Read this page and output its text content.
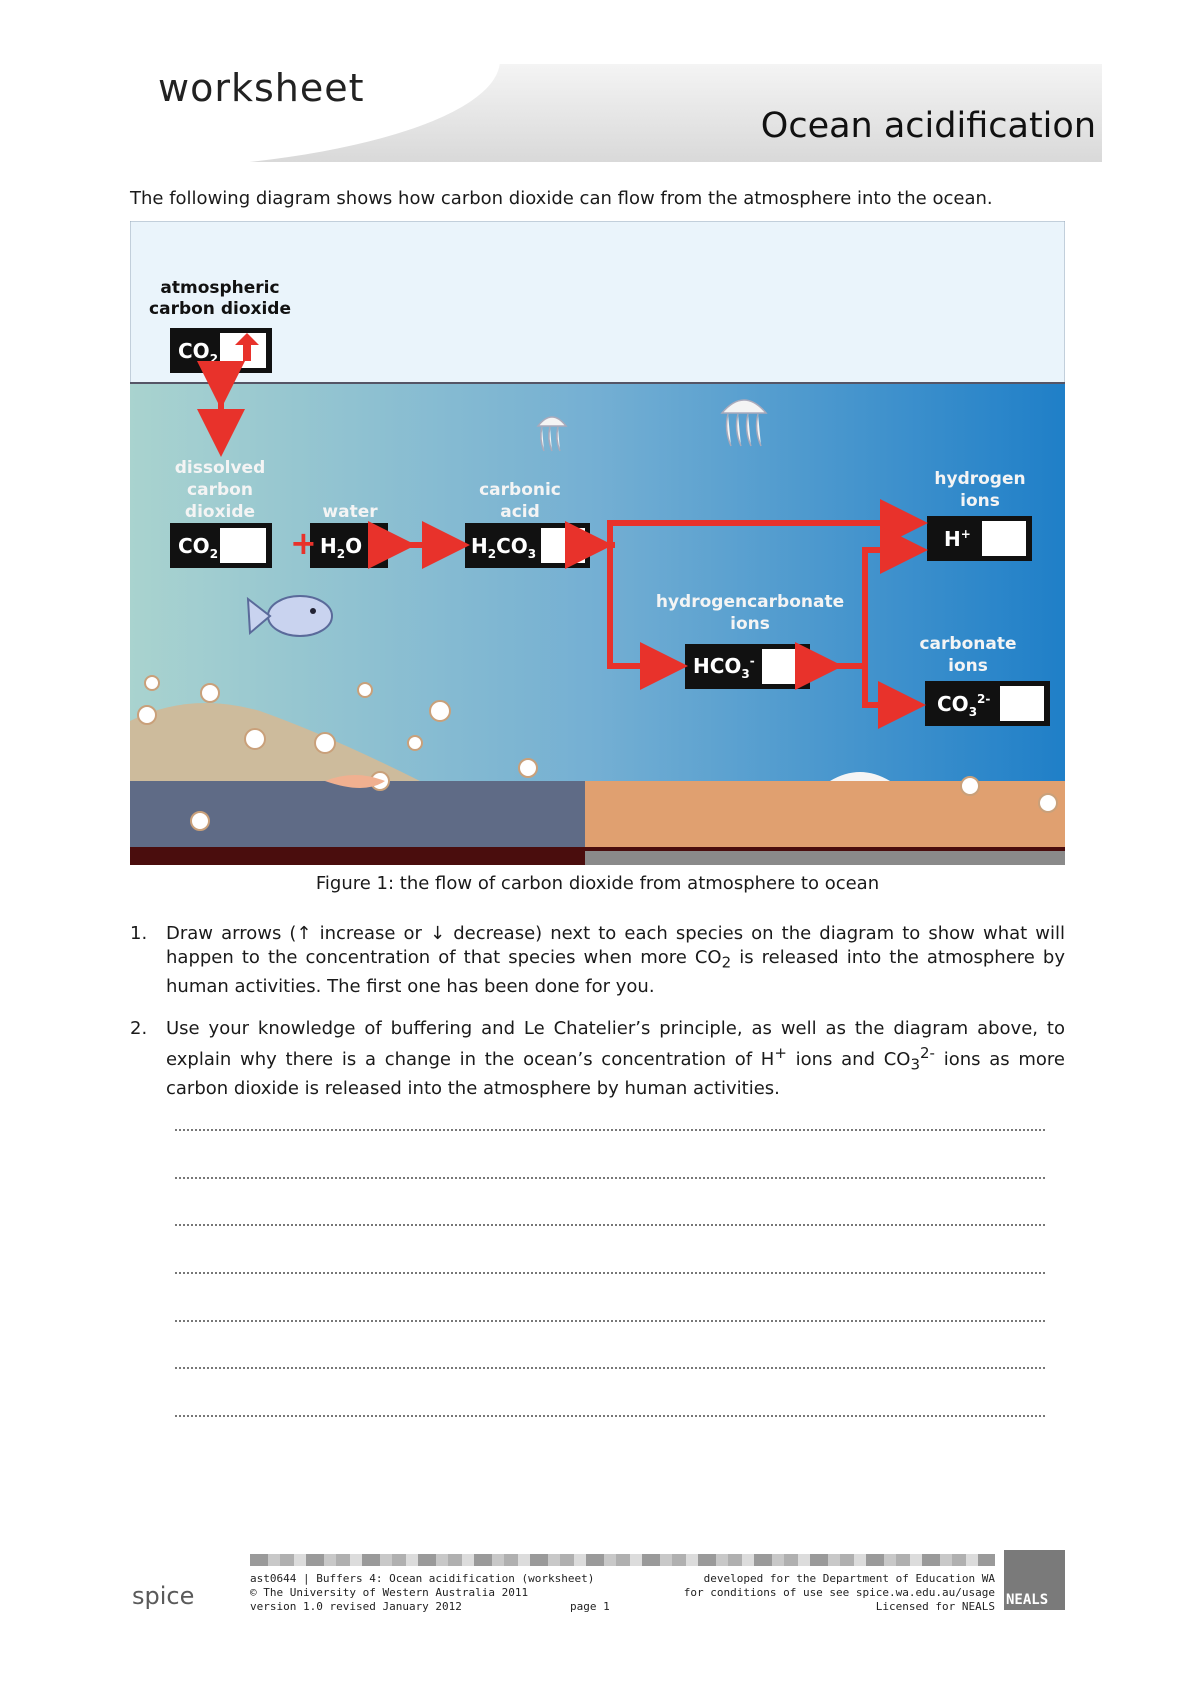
worksheet
Ocean acidification
The following diagram shows how carbon dioxide can flow from the atmosphere into the ocean.
atmospheric
carbon dioxide
dissolved
carbon
dioxide	water
carbonic
acid
hydrogen
ions
hydrogencarbonate
ions
carbonate
ions
$CO_2$
$CO_2$	$H_2O$	$H_2CO_3$
H+
$HCO_3^-$
$CO_3^{2-}$
+
Figure 1: the flow of carbon dioxide from atmosphere to ocean
1. Draw arrows (↑ increase or ↓ decrease) next to each species on the diagram to show what will happen to the concentration of that species when more $CO_2$ is released into the atmosphere by human activities. The first one has been done for you.
2. Use your knowledge of buffering and Le Chatelier’s principle, as well as the diagram above, to explain why there is a change in the ocean’s concentration of H+ ions and $CO_3^{2-}$ ions as more carbon dioxide is released into the atmosphere by human activities.
spice
ast0644 | Buffers 4: Ocean acidification (worksheet)
© The University of Western Australia 2011
version 1.0 revised January 2012	page 1
developed for the Department of Education WA
for conditions of use see spice.wa.edu.au/usage
Licensed for NEALS NEALS
